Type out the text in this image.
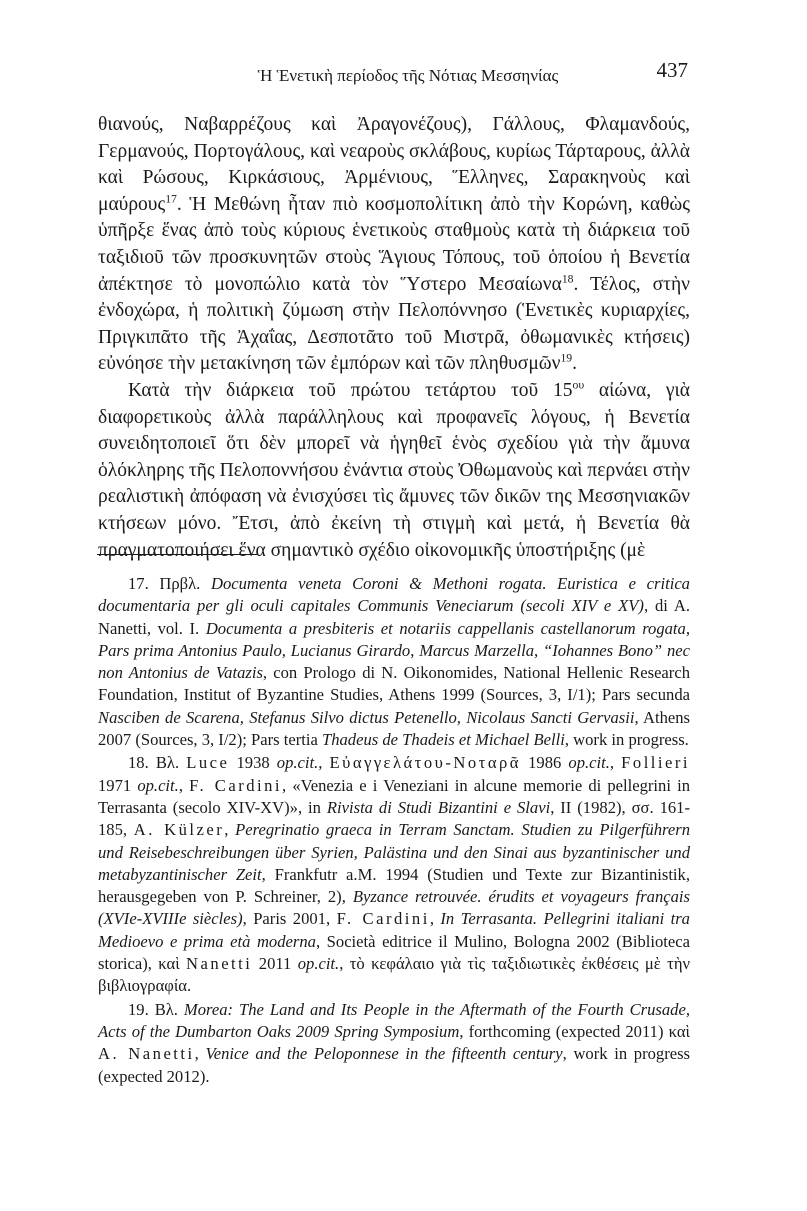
Ἡ Ἑνετικὴ περίοδος τῆς Νότιας Μεσσηνίας	437

θιανούς, Ναβαρρέζους καὶ Ἀραγονέζους), Γάλλους, Φλαμανδούς, Γερμανούς, Πορτογάλους, καὶ νεαροὺς σκλάβους, κυρίως Τάρταρους, ἀλλὰ καὶ Ρώσους, Κιρκάσιους, Ἀρμένιους, Ἕλληνες, Σαρακηνοὺς καὶ μαύρους$^{17}$. Ἡ Μεθώνη ἦταν πιὸ κοσμοπολίτικη ἀπὸ τὴν Κορώνη, καθὼς ὑπῆρξε ἕνας ἀπὸ τοὺς κύριους ἑνετικοὺς σταθμοὺς κατὰ τὴ διάρκεια τοῦ ταξιδιοῦ τῶν προσκυνητῶν στοὺς Ἅγιους Τόπους, τοῦ ὁποίου ἡ Βενετία ἀπέκτησε τὸ μονοπώλιο κατὰ τὸν Ὕστερο Μεσαίωνα$^{18}$. Τέλος, στὴν ἐνδοχώρα, ἡ πολιτικὴ ζύμωση στὴν Πελοπόννησο (Ἑνετικὲς κυριαρχίες, Πριγκιπᾶτο τῆς Ἀχαΐας, Δεσποτᾶτο τοῦ Μιστρᾶ, ὀθωμανικὲς κτήσεις) εὐνόησε τὴν μετακίνηση τῶν ἐμπόρων καὶ τῶν πληθυσμῶν$^{19}$.

Κατὰ τὴν διάρκεια τοῦ πρώτου τετάρτου τοῦ $15^{o\upsilon}$ αἰώνα, γιὰ διαφορετικοὺς ἀλλὰ παράλληλους καὶ προφανεῖς λόγους, ἡ Βενετία συνειδητοποιεῖ ὅτι δὲν μπορεῖ νὰ ἡγηθεῖ ἑνὸς σχεδίου γιὰ τὴν ἄμυνα ὁλόκληρης τῆς Πελοποννήσου ἐνάντια στοὺς Ὀθωμανοὺς καὶ περνάει στὴν ρεαλιστικὴ ἀπόφαση νὰ ἐνισχύσει τὶς ἄμυνες τῶν δικῶν της Μεσσηνιακῶν κτήσεων μόνο. Ἔτσι, ἀπὸ ἐκείνη τὴ στιγμὴ καὶ μετά, ἡ Βενετία θὰ πραγματοποιήσει ἕνα σημαντικὸ σχέδιο οἰκονομικῆς ὑποστήριξης (μὲ

17. Πρβλ. Documenta veneta Coroni & Methoni rogata. Euristica e critica documentaria per gli oculi capitales Communis Veneciarum (secoli XIV e XV), di A. Nanetti, vol. I. Documenta a presbiteris et notariis cappellanis castellanorum rogata, Pars prima Antonius Paulo, Lucianus Girardo, Marcus Marzella, “Iohannes Bono” nec non Antonius de Vatazis, con Prologo di N. Oikonomides, National Hellenic Research Foundation, Institut of Byzantine Studies, Athens 1999 (Sources, 3, I/1); Pars secunda Nasciben de Scarena, Stefanus Silvo dictus Petenello, Nicolaus Sancti Gervasii, Athens 2007 (Sources, 3, I/2); Pars tertia Thadeus de Thadeis et Michael Belli, work in progress.

18. Βλ. Luce 1938 op.cit., Εὐαγγελάτου-Νοταρᾶ 1986 op.cit., Follieri 1971 op.cit., F. Cardini, «Venezia e i Veneziani in alcune memorie di pellegrini in Terrasanta (secolo XIV-XV)», in Rivista di Studi Bizantini e Slavi, II (1982), σσ. 161-185, A. Külzer, Peregrinatio graeca in Terram Sanctam. Studien zu Pilgerführern und Reisebeschreibungen über Syrien, Palästina und den Sinai aus byzantinischer und metabyzantinischer Zeit, Frankfutr a.M. 1994 (Studien und Texte zur Bizantinistik, herausgegeben von P. Schreiner, 2), Byzance retrouvée. érudits et voyageurs français (XVIe-XVIIIe siècles), Paris 2001, F. Cardini, In Terrasanta. Pellegrini italiani tra Medioevo e prima età moderna, Società editrice il Mulino, Bologna 2002 (Biblioteca storica), καὶ Nanetti 2011 op.cit., τὸ κεφάλαιο γιὰ τὶς ταξιδιωτικὲς ἐκθέσεις μὲ τὴν βιβλιογραφία.

19. Βλ. Morea: The Land and Its People in the Aftermath of the Fourth Crusade, Acts of the Dumbarton Oaks 2009 Spring Symposium, forthcoming (expected 2011) καὶ A. Nanetti, Venice and the Peloponnese in the fifteenth century, work in progress (expected 2012).
